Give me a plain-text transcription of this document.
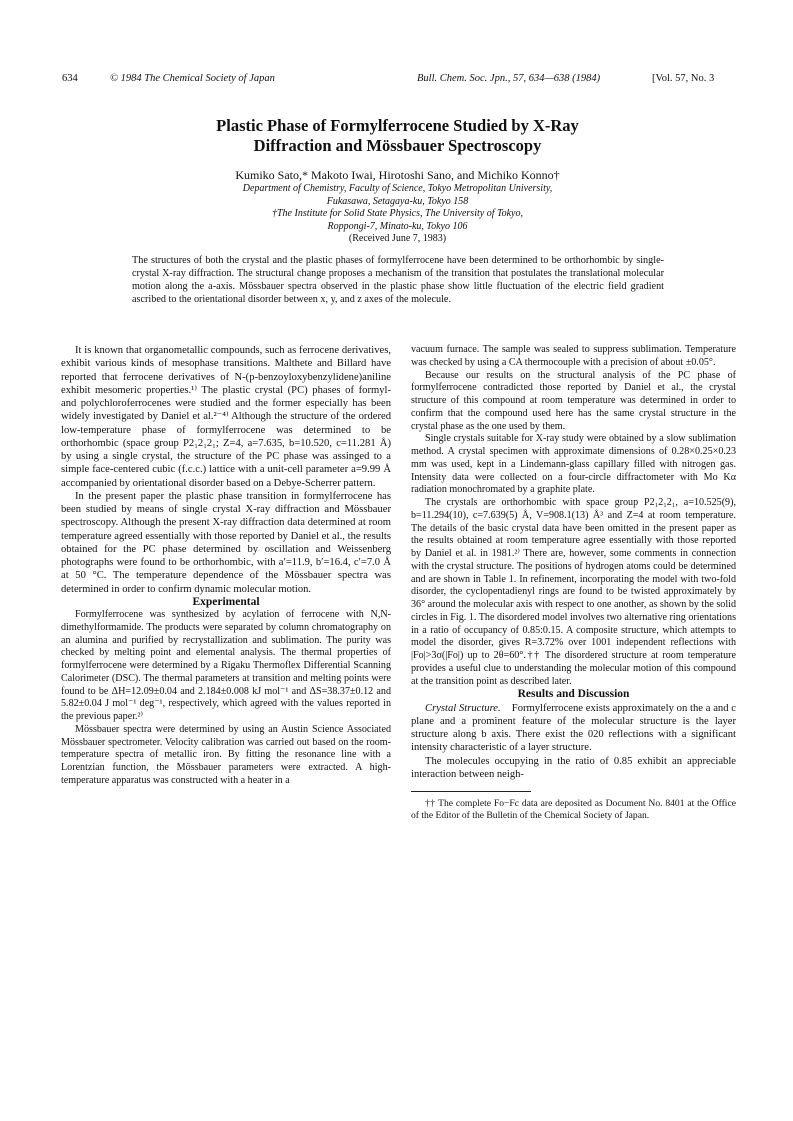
634	© 1984 The Chemical Society of Japan	Bull. Chem. Soc. Jpn., 57, 634—638 (1984)	[Vol. 57, No. 3
Plastic Phase of Formylferrocene Studied by X-Ray
Diffraction and Mössbauer Spectroscopy
Kumiko Sato,* Makoto Iwai, Hirotoshi Sano, and Michiko Konno†
Department of Chemistry, Faculty of Science, Tokyo Metropolitan University,
Fukasawa, Setagaya-ku, Tokyo 158
†The Institute for Solid State Physics, The University of Tokyo,
Roppongi-7, Minato-ku, Tokyo 106
(Received June 7, 1983)
The structures of both the crystal and the plastic phases of formylferrocene have been determined to be orthorhombic by single-crystal X-ray diffraction. The structural change proposes a mechanism of the transition that postulates the translational molecular motion along the a-axis. Mössbauer spectra observed in the plastic phase show little fluctuation of the electric field gradient ascribed to the orientational disorder between x, y, and z axes of the molecule.

It is known that organometallic compounds, such as ferrocene derivatives, exhibit various kinds of mesophase transitions. Malthete and Billard have reported that ferrocene derivatives of N-(p-benzoyloxybenzylidene)aniline exhibit mesomeric properties.¹⁾ The plastic crystal (PC) phases of formyl- and polychloroferrocenes were studied and the former especially has been widely investigated by Daniel et al.²⁻⁴⁾ Although the structure of the ordered low-temperature phase of formylferrocene was determined to be orthorhombic (space group P2₁2₁2₁; Z=4, a=7.635, b=10.520, c=11.281 Å) by using a single crystal, the structure of the PC phase was assinged to a simple face-centered cubic (f.c.c.) lattice with a unit-cell parameter a=9.99 Å accompanied by orientational disorder based on a Debye-Scherrer pattern.

In the present paper the plastic phase transition in formylferrocene has been studied by means of single crystal X-ray diffraction and Mössbauer spectroscopy. Although the present X-ray diffraction data determined at room temperature agreed essentially with those reported by Daniel et al., the results obtained for the PC phase determined by oscillation and Weissenberg photographs were found to be orthorhombic, with a′=11.9, b′=16.4, c′=7.0 Å at 50 °C. The temperature dependence of the Mössbauer spectra was determined in order to confirm dynamic molecular motion.

Experimental

Formylferrocene was synthesized by acylation of ferrocene with N,N-dimethylformamide. The products were separated by column chromatography on an alumina and purified by recrystallization and sublimation. The purity was checked by melting point and elemental analysis. The thermal properties of formylferrocene were determined by a Rigaku Thermoflex Differential Scanning Calorimeter (DSC). The thermal parameters at transition and melting points were found to be ΔH=12.09±0.04 and 2.184±0.008 kJ mol⁻¹ and ΔS=38.37±0.12 and 5.82±0.04 J mol⁻¹ deg⁻¹, respectively, which agreed with the values reported in the previous paper.²⁾

Mössbauer spectra were determined by using an Austin Science Associated Mössbauer spectrometer. Velocity calibration was carried out based on the room-temperature spectra of metallic iron. By fitting the resonance line with a Lorentzian function, the Mössbauer parameters were extracted. A high-temperature apparatus was constructed with a heater in a

vacuum furnace. The sample was sealed to suppress sublimation. Temperature was checked by using a CA thermocouple with a precision of about ±0.05°.

Because our results on the structural analysis of the PC phase of formylferrocene contradicted those reported by Daniel et al., the crystal structure of this compound at room temperature was determined in order to confirm that the compound used here has the same crystal structure in the crystal phase as the one used by them.

Single crystals suitable for X-ray study were obtained by a slow sublimation method. A crystal specimen with approximate dimensions of 0.28×0.25×0.23 mm was used, kept in a Lindemann-glass capillary filled with nitrogen gas. Intensity data were collected on a four-circle diffractometer with Mo Kα radiation monochromated by a graphite plate.

The crystals are orthorhombic with space group P2₁2₁2₁, a=10.525(9), b=11.294(10), c=7.639(5) Å, V=908.1(13) Å³ and Z=4 at room temperature. The details of the basic crystal data have been omitted in the present paper as the results obtained at room temperature agree essentially with those reported by Daniel et al. in 1981.²⁾ There are, however, some comments in connection with the crystal structure. The positions of hydrogen atoms could be determined and are shown in Table 1. In refinement, incorporating the model with two-fold disorder, the cyclopentadienyl rings are found to be twisted approximately by 36° around the molecular axis with respect to one another, as shown by the solid circles in Fig. 1. The disordered model involves two alternative ring orientations in a ratio of occupancy of 0.85:0.15. A composite structure, which attempts to model the disorder, gives R=3.72% over 1001 independent reflections with |Fo|>3σ(|Fo|) up to 2θ=60°.†† The disordered structure at room temperature provides a useful clue to understanding the molecular motion of this compound at the transition point as described later.

Results and Discussion

Crystal Structure. Formylferrocene exists approximately on the a and c plane and a prominent feature of the molecular structure is the layer structure along b axis. There exist the 020 reflections with a significant intensity characteristic of a layer structure.

The molecules occupying in the ratio of 0.85 exhibit an appreciable interaction between neigh-

†† The complete Fo−Fc data are deposited as Document No. 8401 at the Office of the Editor of the Bulletin of the Chemical Society of Japan.
